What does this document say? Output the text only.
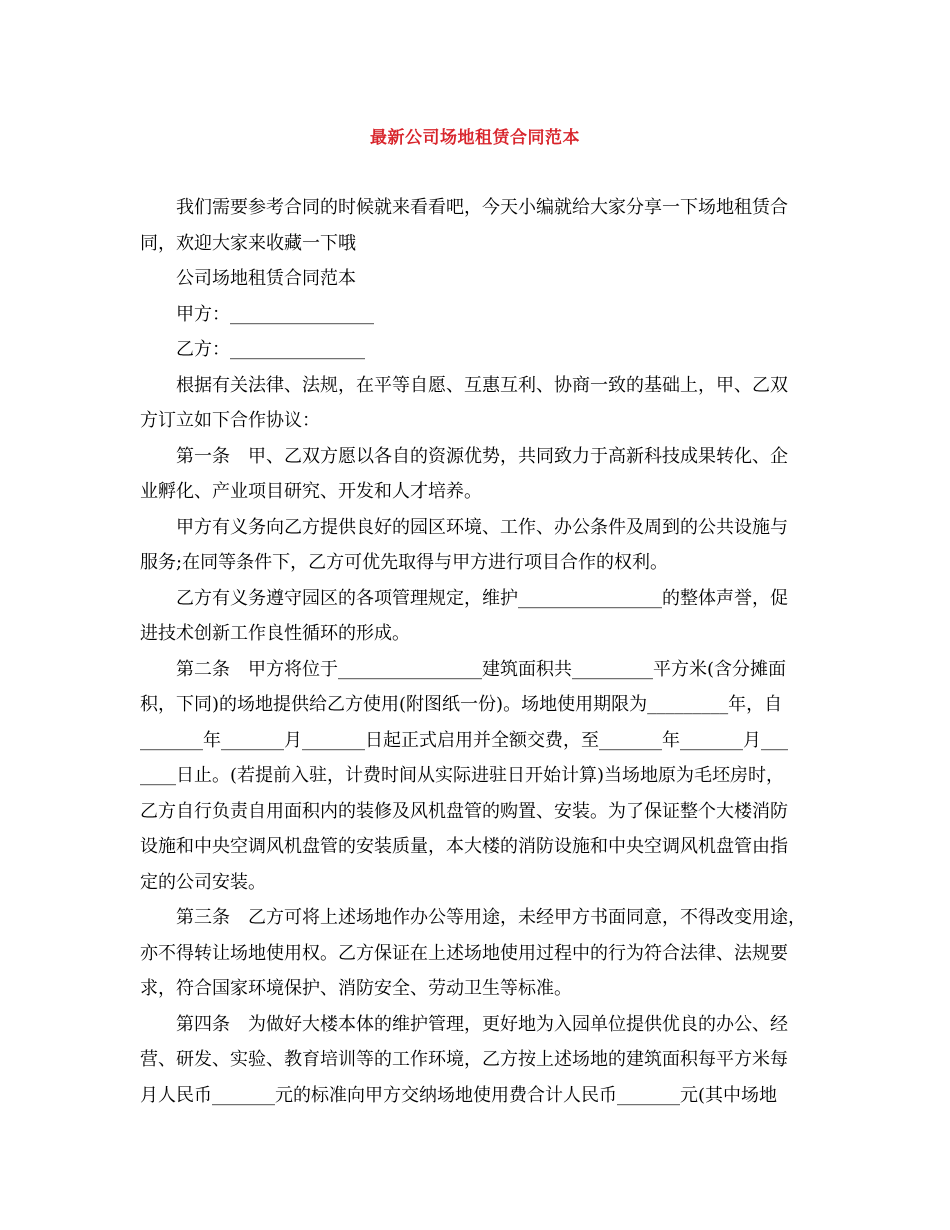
最新公司场地租赁合同范本

我们需要参考合同的时候就来看看吧，今天小编就给大家分享一下场地租赁合
同，欢迎大家来收藏一下哦

公司场地租赁合同范本

甲方：________________

乙方：_______________

根据有关法律、法规，在平等自愿、互惠互利、协商一致的基础上，甲、乙双
方订立如下合作协议：

第一条　甲、乙双方愿以各自的资源优势，共同致力于高新科技成果转化、企
业孵化、产业项目研究、开发和人才培养。

甲方有义务向乙方提供良好的园区环境、工作、办公条件及周到的公共设施与
服务;在同等条件下，乙方可优先取得与甲方进行项目合作的权利。

乙方有义务遵守园区的各项管理规定，维护________________的整体声誉，促
进技术创新工作良性循环的形成。

第二条　甲方将位于________________建筑面积共_________平方米(含分摊面
积，下同)的场地提供给乙方使用(附图纸一份)。场地使用期限为_________年，自
_______年_______月_______日起正式启用并全额交费，至_______年_______月___
____日止。(若提前入驻，计费时间从实际进驻日开始计算)当场地原为毛坯房时，
乙方自行负责自用面积内的装修及风机盘管的购置、安装。为了保证整个大楼消防
设施和中央空调风机盘管的安装质量，本大楼的消防设施和中央空调风机盘管由指
定的公司安装。

第三条　乙方可将上述场地作办公等用途，未经甲方书面同意，不得改变用途，
亦不得转让场地使用权。乙方保证在上述场地使用过程中的行为符合法律、法规要
求，符合国家环境保护、消防安全、劳动卫生等标准。

第四条　为做好大楼本体的维护管理，更好地为入园单位提供优良的办公、经
营、研发、实验、教育培训等的工作环境，乙方按上述场地的建筑面积每平方米每
月人民币_______元的标准向甲方交纳场地使用费合计人民币_______元(其中场地
